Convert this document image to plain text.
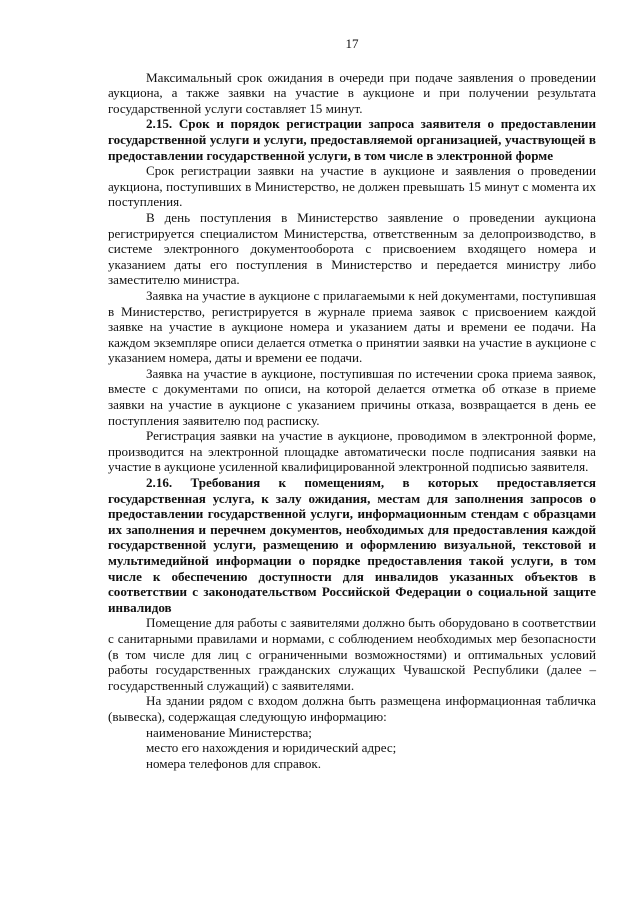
17

Максимальный срок ожидания в очереди при подаче заявления о проведении аукциона, а также заявки на участие в аукционе и при получении результата государственной услуги составляет 15 минут.

2.15. Срок и порядок регистрации запроса заявителя о предоставлении государственной услуги и услуги, предоставляемой организацией, участвующей в предоставлении государственной услуги, в том числе в электронной форме

Срок регистрации заявки на участие в аукционе и заявления о проведении аукциона, поступивших в Министерство, не должен превышать 15 минут с момента их поступления.

В день поступления в Министерство заявление о проведении аукциона регистрируется специалистом Министерства, ответственным за делопроизводство, в системе электронного документооборота с присвоением входящего номера и указанием даты его поступления в Министерство и передается министру либо заместителю министра.

Заявка на участие в аукционе с прилагаемыми к ней документами, поступившая в Министерство, регистрируется в журнале приема заявок с присвоением каждой заявке на участие в аукционе номера и указанием даты и времени ее подачи. На каждом экземпляре описи делается отметка о принятии заявки на участие в аукционе с указанием номера, даты и времени ее подачи.

Заявка на участие в аукционе, поступившая по истечении срока приема заявок, вместе с документами по описи, на которой делается отметка об отказе в приеме заявки на участие в аукционе с указанием причины отказа, возвращается в день ее поступления заявителю под расписку.

Регистрация заявки на участие в аукционе, проводимом в электронной форме, производится на электронной площадке автоматически после подписания заявки на участие в аукционе усиленной квалифицированной электронной подписью заявителя.

2.16. Требования к помещениям, в которых предоставляется государственная услуга, к залу ожидания, местам для заполнения запросов о предоставлении государственной услуги, информационным стендам с образцами их заполнения и перечнем документов, необходимых для предоставления каждой государственной услуги, размещению и оформлению визуальной, текстовой и мультимедийной информации о порядке предоставления такой услуги, в том числе к обеспечению доступности для инвалидов указанных объектов в соответствии с законодательством Российской Федерации о социальной защите инвалидов

Помещение для работы с заявителями должно быть оборудовано в соответствии с санитарными правилами и нормами, с соблюдением необходимых мер безопасности (в том числе для лиц с ограниченными возможностями) и оптимальных условий работы государственных гражданских служащих Чувашской Республики (далее – государственный служащий) с заявителями.

На здании рядом с входом должна быть размещена информационная табличка (вывеска), содержащая следующую информацию:

наименование Министерства;

место его нахождения и юридический адрес;

номера телефонов для справок.
